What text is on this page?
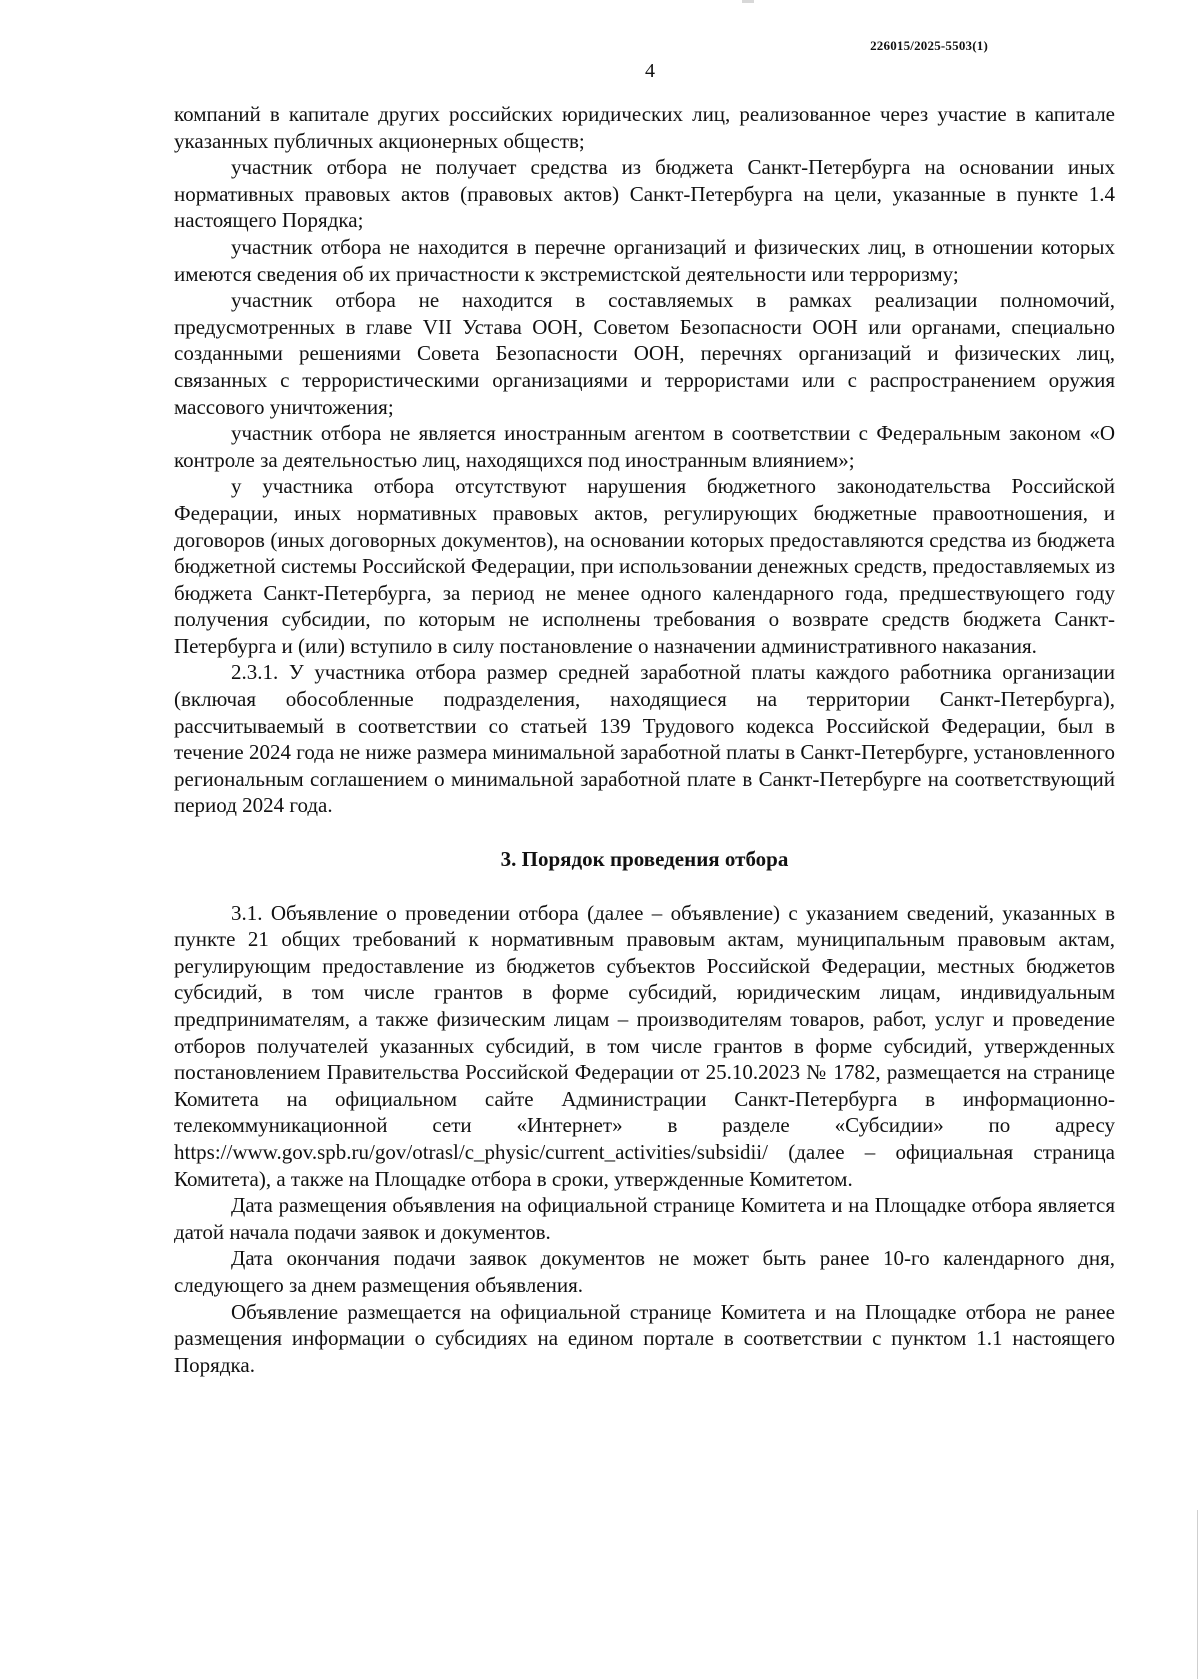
226015/2025-5503(1)
4

компаний в капитале других российских юридических лиц, реализованное через участие в капитале указанных публичных акционерных обществ;

участник отбора не получает средства из бюджета Санкт-Петербурга на основании иных нормативных правовых актов (правовых актов) Санкт-Петербурга на цели, указанные в пункте 1.4 настоящего Порядка;

участник отбора не находится в перечне организаций и физических лиц, в отношении которых имеются сведения об их причастности к экстремистской деятельности или терроризму;

участник отбора не находится в составляемых в рамках реализации полномочий, предусмотренных в главе VII Устава ООН, Советом Безопасности ООН или органами, специально созданными решениями Совета Безопасности ООН, перечнях организаций и физических лиц, связанных с террористическими организациями и террористами или с распространением оружия массового уничтожения;

участник отбора не является иностранным агентом в соответствии с Федеральным законом «О контроле за деятельностью лиц, находящихся под иностранным влиянием»;

у участника отбора отсутствуют нарушения бюджетного законодательства Российской Федерации, иных нормативных правовых актов, регулирующих бюджетные правоотношения, и договоров (иных договорных документов), на основании которых предоставляются средства из бюджета бюджетной системы Российской Федерации, при использовании денежных средств, предоставляемых из бюджета Санкт-Петербурга, за период не менее одного календарного года, предшествующего году получения субсидии, по которым не исполнены требования о возврате средств бюджета Санкт-Петербурга и (или) вступило в силу постановление о назначении административного наказания.

2.3.1. У участника отбора размер средней заработной платы каждого работника организации (включая обособленные подразделения, находящиеся на территории Санкт-Петербурга), рассчитываемый в соответствии со статьей 139 Трудового кодекса Российской Федерации, был в течение 2024 года не ниже размера минимальной заработной платы в Санкт-Петербурге, установленного региональным соглашением о минимальной заработной плате в Санкт-Петербурге на соответствующий период 2024 года.

3. Порядок проведения отбора

3.1. Объявление о проведении отбора (далее – объявление) с указанием сведений, указанных в пункте 21 общих требований к нормативным правовым актам, муниципальным правовым актам, регулирующим предоставление из бюджетов субъектов Российской Федерации, местных бюджетов субсидий, в том числе грантов в форме субсидий, юридическим лицам, индивидуальным предпринимателям, а также физическим лицам – производителям товаров, работ, услуг и проведение отборов получателей указанных субсидий, в том числе грантов в форме субсидий, утвержденных постановлением Правительства Российской Федерации от 25.10.2023 № 1782, размещается на странице Комитета на официальном сайте Администрации Санкт-Петербурга в информационно-телекоммуникационной сети «Интернет» в разделе «Субсидии» по адресу https://www.gov.spb.ru/gov/otrasl/c_physic/current_activities/subsidii/ (далее – официальная страница Комитета), а также на Площадке отбора в сроки, утвержденные Комитетом.

Дата размещения объявления на официальной странице Комитета и на Площадке отбора является датой начала подачи заявок и документов.

Дата окончания подачи заявок документов не может быть ранее 10-го календарного дня, следующего за днем размещения объявления.

Объявление размещается на официальной странице Комитета и на Площадке отбора не ранее размещения информации о субсидиях на едином портале в соответствии с пунктом 1.1 настоящего Порядка.
